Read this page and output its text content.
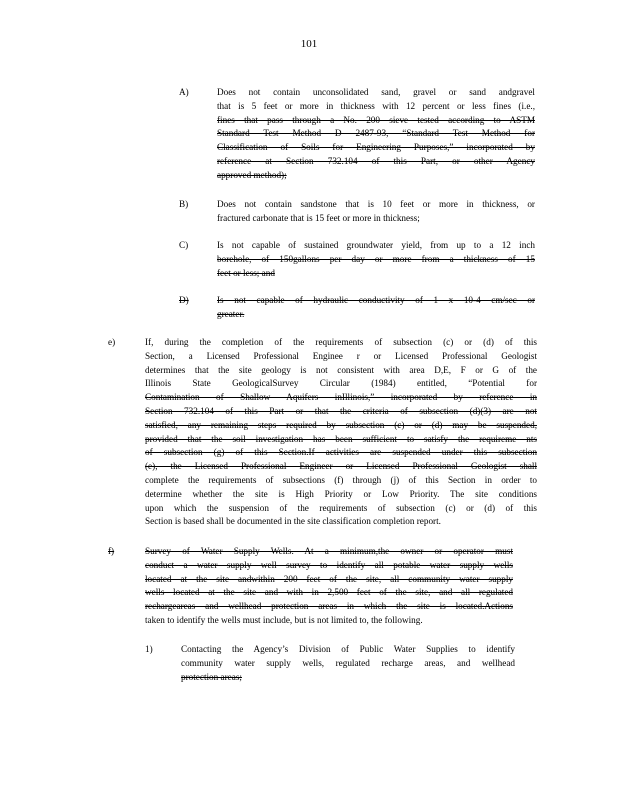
101
A)	Does not contain unconsolidated sand, gravel or sand andgravel
that is 5 feet or more in thickness with 12 percent or less fines (i.e.,
fines that pass through a No. 200 sieve tested according to ASTM
Standard Test Method D 2487-93, “Standard Test Method for
Classification of Soils for Engineering Purposes,” incorporated by
reference at Section 732.104 of this Part, or other Agency
approved method);
B)	Does not contain sandstone that is 10 feet or more in thickness, or
fractured carbonate that is 15 feet or more in thickness;
C)	Is not capable of sustained groundwater yield, from up to a 12 inch
borehole, of 150gallons per day or more from a thickness of 15
feet or less; and
D)	Is not capable of hydraulic conductivity of 1 x 10-4 cm/sec or
greater.
e)	If, during the completion of the requirements of subsection (c) or (d) of this
Section, a Licensed Professional Enginee r or Licensed Professional Geologist
determines that the site geology is not consistent with area D,E, F or G of the
Illinois State GeologicalSurvey Circular (1984) entitled, “Potential for
Contamination of Shallow Aquifers inIllinois,” incorporated by reference in
Section 732.104 of this Part or that the criteria of subsection (d)(3) are not
satisfied, any remaining steps required by subsection (c) or (d) may be suspended,
provided that the soil investigation has been sufficient to satisfy the requireme nts
of subsection (g) of this Section.If activities are suspended under this subsection
(e), the Licensed Professional Engineer or Licensed Professional Geologist shall
complete the requirements of subsections (f) through (j) of this Section in order to
determine whether the site is High Priority or Low Priority. The site conditions
upon which the suspension of the requirements of subsection (c) or (d) of this
Section is based shall be documented in the site classification completion report.
f)	Survey of Water Supply Wells. At a minimum,the owner or operator must
conduct a water supply well survey to identify all potable water supply wells
located at the site andwithin 200 feet of the site, all community water supply
wells located at the site and with in 2,500 feet of the site, and all regulated
rechargeareas and wellhead protection areas in which the site is located.Actions
taken to identify the wells must include, but is not limited to, the following.
1)	Contacting the Agency’s Division of Public Water Supplies to identify
community water supply wells, regulated recharge areas, and wellhead
protection areas;
